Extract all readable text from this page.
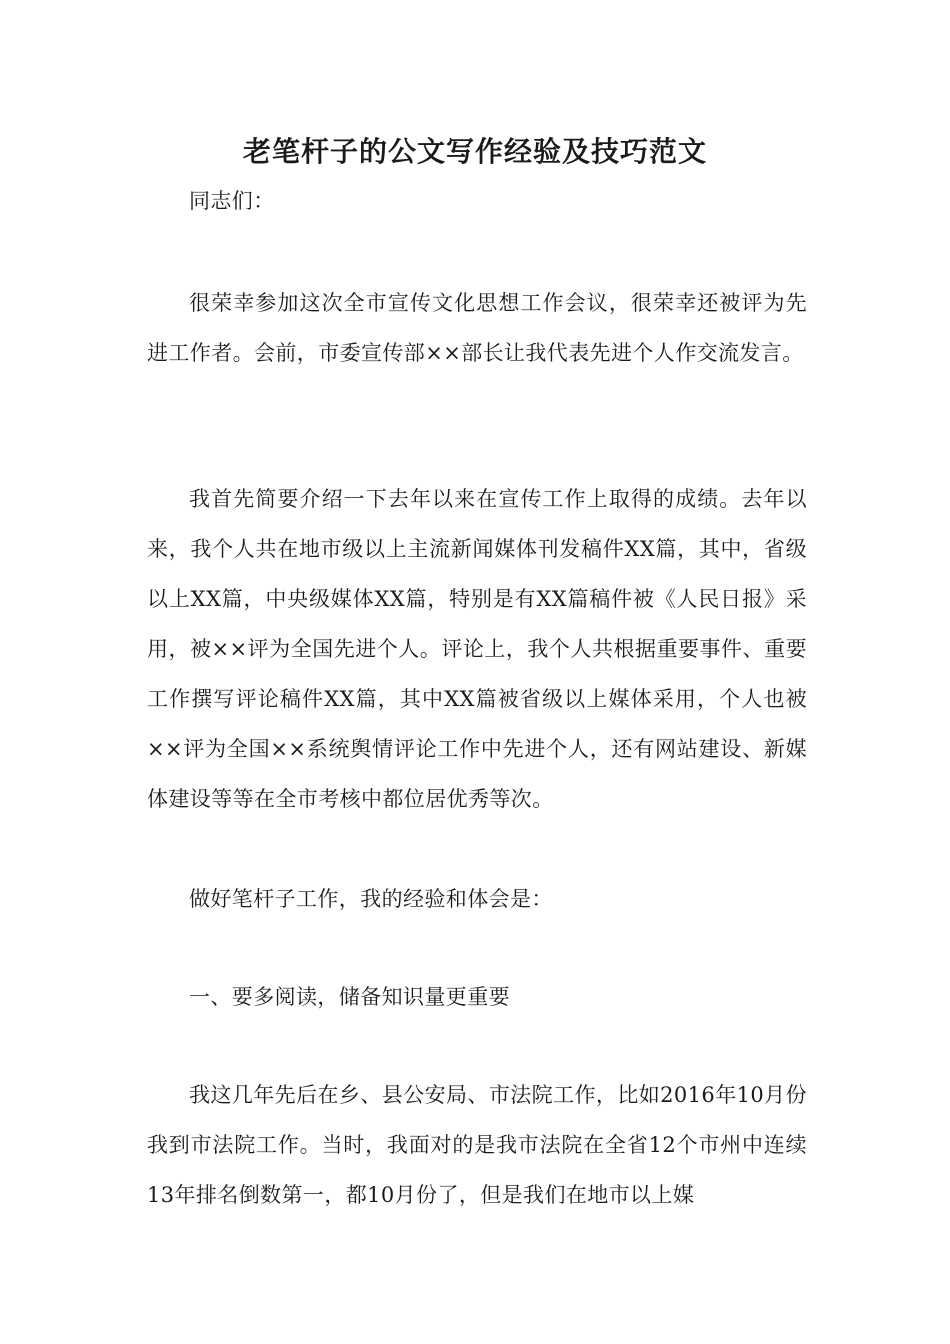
老笔杆子的公文写作经验及技巧范文

同志们：

很荣幸参加这次全市宣传文化思想工作会议，很荣幸还被评为先进工作者。会前，市委宣传部××部长让我代表先进个人作交流发言。

我首先简要介绍一下去年以来在宣传工作上取得的成绩。去年以来，我个人共在地市级以上主流新闻媒体刊发稿件XX篇，其中，省级以上XX篇，中央级媒体XX篇，特别是有XX篇稿件被《人民日报》采用，被××评为全国先进个人。评论上，我个人共根据重要事件、重要工作撰写评论稿件XX篇，其中XX篇被省级以上媒体采用，个人也被××评为全国××系统舆情评论工作中先进个人，还有网站建设、新媒体建设等等在全市考核中都位居优秀等次。

做好笔杆子工作，我的经验和体会是：

一、要多阅读，储备知识量更重要

我这几年先后在乡、县公安局、市法院工作，比如2016年10月份我到市法院工作。当时，我面对的是我市法院在全省12个市州中连续13年排名倒数第一，都10月份了，但是我们在地市以上媒
